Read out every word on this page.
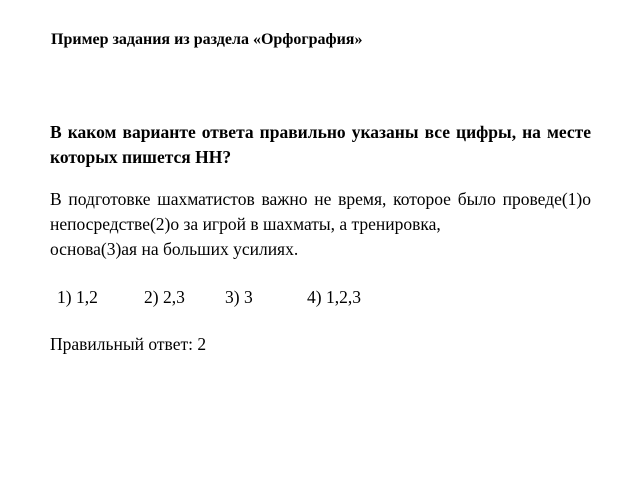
Пример задания из раздела «Орфография»
В каком варианте ответа правильно указаны все цифры, на месте которых пишется НН?
В подготовке шахматистов важно не время, которое было проведе(1)о непосредстве(2)о за игрой в шахматы, а тренировка,
основа(3)ая на больших усилиях.
1) 1,2	2) 2,3 3) 3	4) 1,2,3
Правильный ответ: 2
